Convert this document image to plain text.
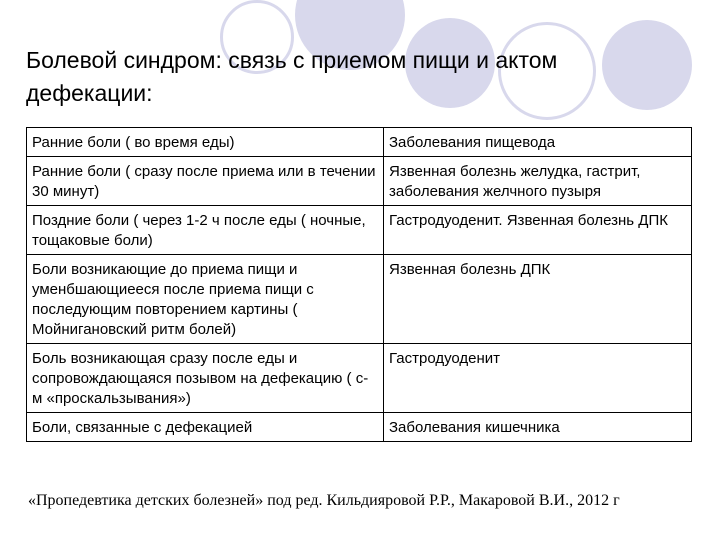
Болевой синдром: связь с приемом пищи и актом дефекации:
Ранние боли ( во время еды)	Заболевания пищевода
Ранние боли ( сразу после приема или в течении 30 минут)	Язвенная болезнь желудка, гастрит, заболевания желчного пузыря
Поздние боли ( через 1-2 ч после еды ( ночные, тощаковые боли)	Гастродуоденит. Язвенная болезнь ДПК
Боли возникающие до приема пищи и уменбшающиееся после приема пищи с последующим повторением картины ( Мойнигановский ритм болей)	Язвенная болезнь ДПК
Боль возникающая сразу после еды и сопровождающаяся позывом на дефекацию ( с-м «проскальзывания»)	Гастродуоденит
Боли, связанные с дефекацией	Заболевания кишечника
«Пропедевтика детских болезней» под ред. Кильдияровой Р.Р., Макаровой В.И., 2012 г
